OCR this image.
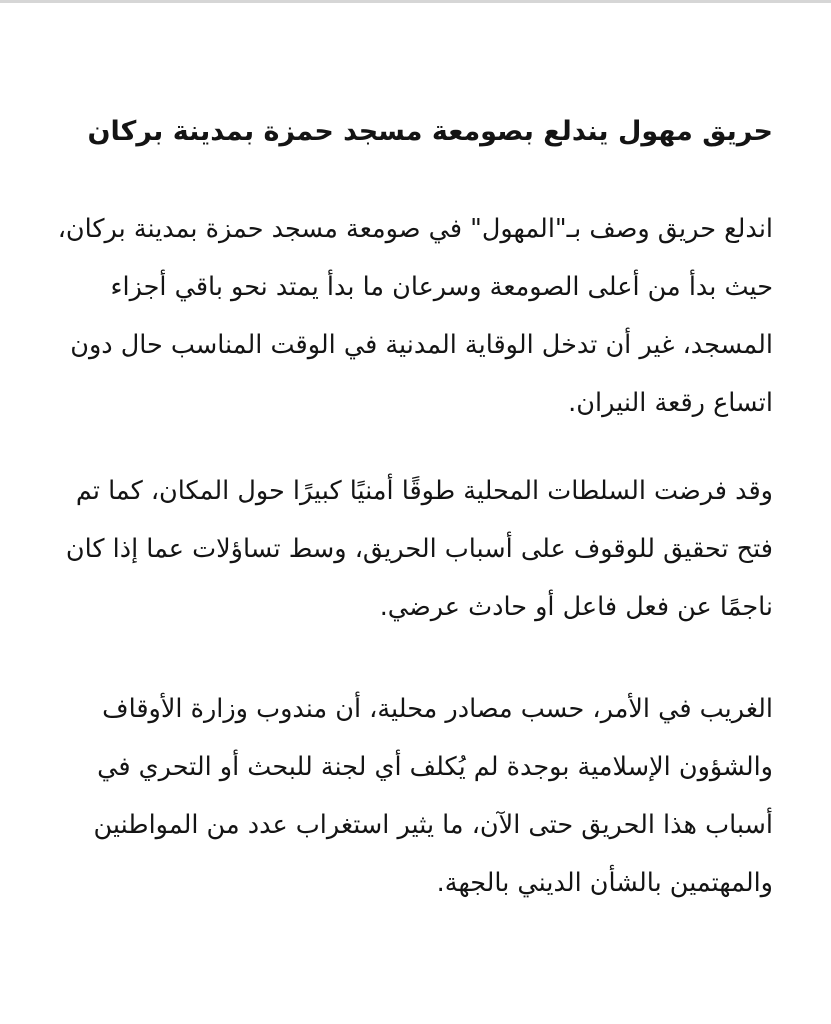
حريق مهول يندلع بصومعة مسجد حمزة بمدينة بركان

اندلع حريق وصف بـ"المهول" في صومعة مسجد حمزة بمدينة بركان، حيث بدأ من أعلى الصومعة وسرعان ما بدأ يمتد نحو باقي أجزاء المسجد، غير أن تدخل الوقاية المدنية في الوقت المناسب حال دون اتساع رقعة النيران.

وقد فرضت السلطات المحلية طوقًا أمنيًا كبيرًا حول المكان، كما تم فتح تحقيق للوقوف على أسباب الحريق، وسط تساؤلات عما إذا كان ناجمًا عن فعل فاعل أو حادث عرضي.

الغريب في الأمر، حسب مصادر محلية، أن مندوب وزارة الأوقاف والشؤون الإسلامية بوجدة لم يُكلف أي لجنة للبحث أو التحري في أسباب هذا الحريق حتى الآن، ما يثير استغراب عدد من المواطنين والمهتمين بالشأن الديني بالجهة.
